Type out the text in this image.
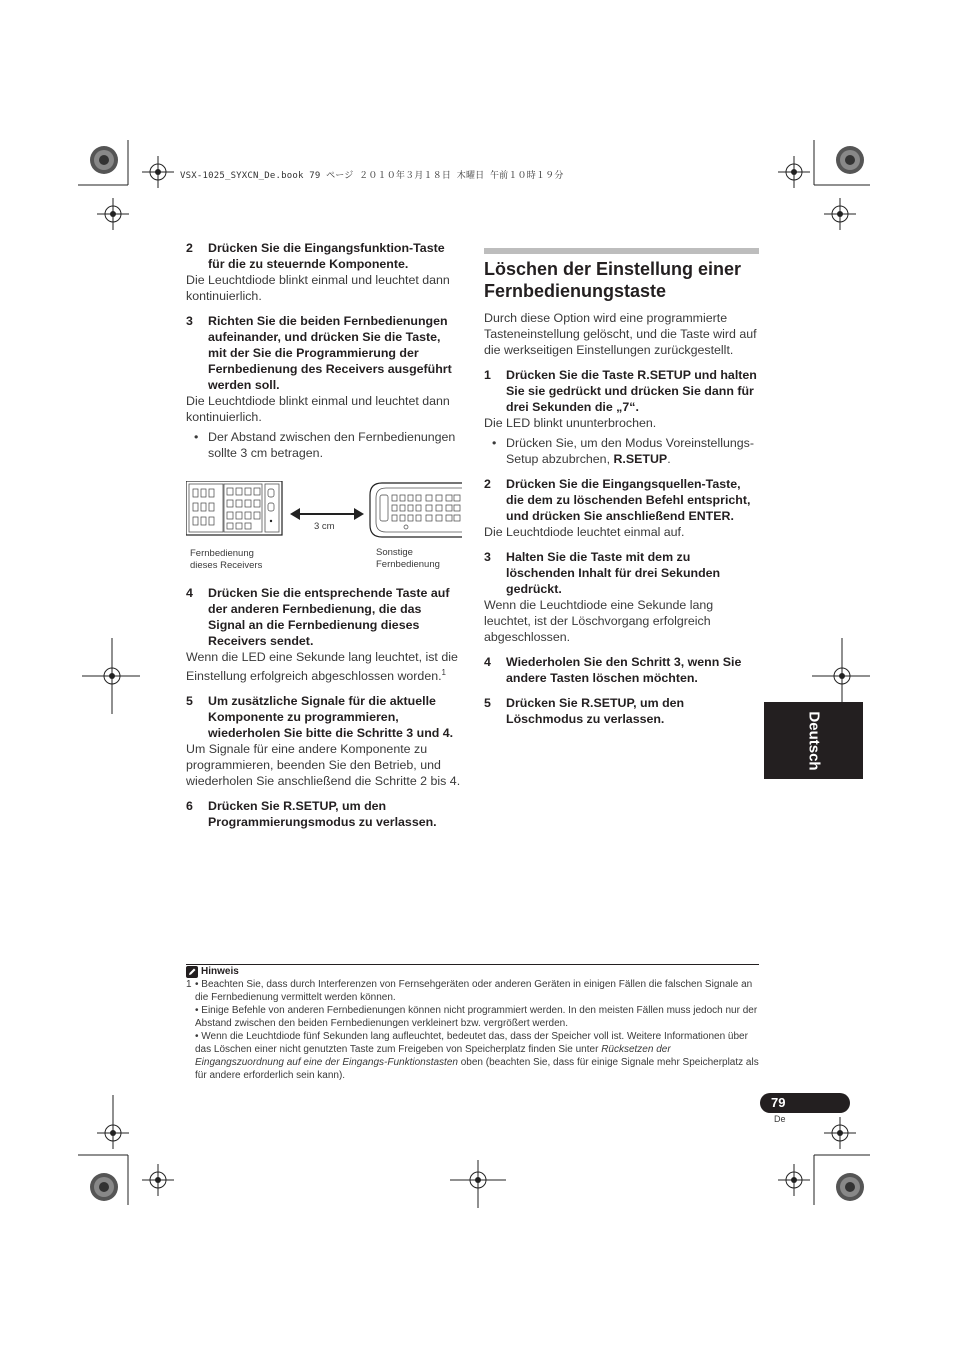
VSX-1025_SYXCN_De.book 79 ページ ２０１０年３月１８日 木曜日 午前１０時１９分

2	Drücken Sie die Eingangsfunktion-Taste für die zu steuernde Komponente.

Die Leuchtdiode blinkt einmal und leuchtet dann kontinuierlich.

3	Richten Sie die beiden Fernbedienungen aufeinander, und drücken Sie die Taste, mit der Sie die Programmierung der Fernbedienung des Receivers ausgeführt werden soll.

Die Leuchtdiode blinkt einmal und leuchtet dann kontinuierlich.

• Der Abstand zwischen den Fernbedienungen sollte 3 cm betragen.

3 cm
Fernbedienung
dieses Receivers
Sonstige
Fernbedienung

4	Drücken Sie die entsprechende Taste auf der anderen Fernbedienung, die das Signal an die Fernbedienung dieses Receivers sendet.

Wenn die LED eine Sekunde lang leuchtet, ist die Einstellung erfolgreich abgeschlossen worden.$^1$

5	Um zusätzliche Signale für die aktuelle Komponente zu programmieren, wiederholen Sie bitte die Schritte 3 und 4.

Um Signale für eine andere Komponente zu programmieren, beenden Sie den Betrieb, und wiederholen Sie anschließend die Schritte 2 bis 4.

6	Drücken Sie R.SETUP, um den Programmierungsmodus zu verlassen.

Löschen der Einstellung einer Fernbedienungstaste

Durch diese Option wird eine programmierte Tasteneinstellung gelöscht, und die Taste wird auf die werkseitigen Einstellungen zurückgestellt.

1	Drücken Sie die Taste R.SETUP und halten Sie sie gedrückt und drücken Sie dann für drei Sekunden die „7“.

Die LED blinkt ununterbrochen.

• Drücken Sie, um den Modus Voreinstellungs-Setup abzubrchen, R.SETUP.

2	Drücken Sie die Eingangsquellen-Taste, die dem zu löschenden Befehl entspricht, und drücken Sie anschließend ENTER.

Die Leuchtdiode leuchtet einmal auf.

3	Halten Sie die Taste mit dem zu löschenden Inhalt für drei Sekunden gedrückt.

Wenn die Leuchtdiode eine Sekunde lang leuchtet, ist der Löschvorgang erfolgreich abgeschlossen.

4	Wiederholen Sie den Schritt 3, wenn Sie andere Tasten löschen möchten.

5	Drücken Sie R.SETUP, um den Löschmodus zu verlassen.	Deutsch
Hinweis
1 • Beachten Sie, dass durch Interferenzen von Fernsehgeräten oder anderen Geräten in einigen Fällen die falschen Signale an die Fernbedienung vermittelt werden können.
• Einige Befehle von anderen Fernbedienungen können nicht programmiert werden. In den meisten Fällen muss jedoch nur der Abstand zwischen den beiden Fernbedienungen verkleinert bzw. vergrößert werden.
• Wenn die Leuchtdiode fünf Sekunden lang aufleuchtet, bedeutet das, dass der Speicher voll ist. Weitere Informationen über das Löschen einer nicht genutzten Taste zum Freigeben von Speicherplatz finden Sie unter Rücksetzen der Eingangszuordnung auf eine der Eingangs-Funktionstasten oben (beachten Sie, dass für einige Signale mehr Speicherplatz als für andere erforderlich sein kann).
79
De
